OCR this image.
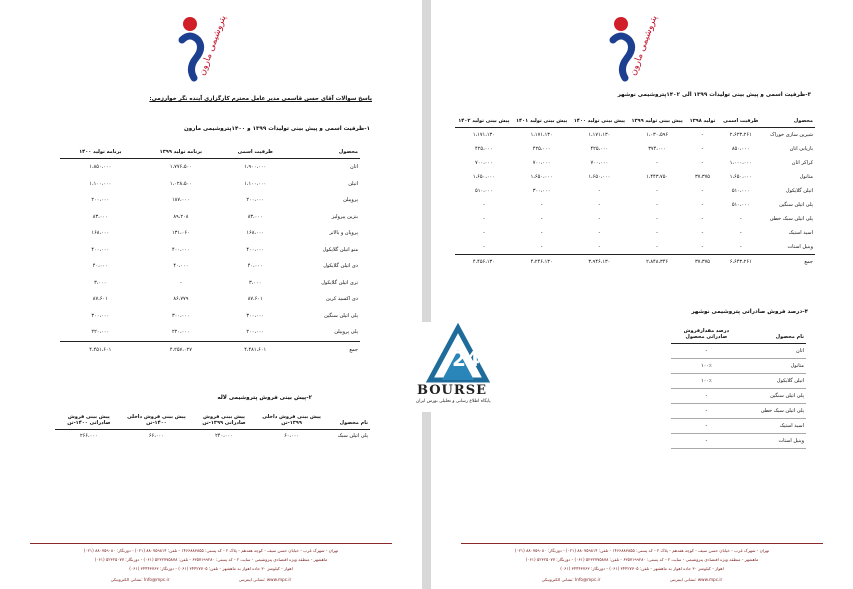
پتروشیمی مارون
پاسخ سوالات آقای حسن قاسمی مدیر عامل محترم کارگزاری آینده نگر خوارزمی:
۱-ظرفیت اسمی و پیش بینی تولیدات ۱۳۹۹ و ۱۴۰۰پتروشیمی مارون
محصول	ظرفیت اسمی	برنامه تولید ۱۳۹۹	برنامه تولید ۱۴۰۰
اتان	۱،۹۰۰،۰۰۰	۱،۷۷۶،۵۰۰	۱،۸۵۰،۰۰۰
اتیلن	۱،۱۰۰،۰۰۰	۱،۰۲۸،۵۰۰	۱،۱۰۰،۰۰۰
پروپیلن	۲۰۰،۰۰۰	۱۸۷،۰۰۰	۲۰۰،۰۰۰
بنزین پیرولیز	۸۳،۰۰۰	۸۹،۲۰۸	۸۳،۰۰۰
پروپان و بالاتر	۱۶۸،۰۰۰	۱۳۱،۰۶۰	۱۶۸،۰۰۰
منو اتیلن گلایکول	۴۰۰،۰۰۰	۴۰۰،۰۰۰	۴۰۰،۰۰۰
دی اتیلن گلایکول	۴۰،۰۰۰	۴۰،۰۰۰	۴۰،۰۰۰
تری اتیلن گلایکول	۳،۰۰۰	-	۳،۰۰۰
دی اکسید کربن	۸۷،۶۰۱	۸۶،۷۷۹	۸۷،۶۰۱
پلی اتیلن سنگین	۳۰۰،۰۰۰	۳۰۰،۰۰۰	۳۰۰،۰۰۰
پلی پروپیلن	۲۰۰،۰۰۰	۲۲۰،۰۰۰	۲۲۰،۰۰۰
جمع	۴،۴۸۱،۶۰۱	۴،۲۵۷،۰۲۷	۴،۴۵۱،۶۰۱
۲-پیش بینی فروش پتروشیمی لاله
نام محصول	پیش بینی فروش داخلی ۱۳۹۹-تن	پیش بینی فروش صادراتی ۱۳۹۹-تن	پیش بینی فروش داخلی ۱۴۰۰-تن	پیش بینی فروش صادراتی ۱۴۰۰-تن
پلی اتیلن سبک	۶۰،۰۰۰	۲۴۰،۰۰۰	۶۶،۰۰۰	۲۶۶،۰۰۰
تهران - شهرک غرب - خیابان حسن سیف - کوچه هفدهم - پلاک ۲ - کد پستی: ۱۴۶۶۸۸۳۸۵۵ - تلفن: ۸۸۰۷۵۹۸۱۴ (۰۲۱) - دورنگار: ۸۸۰۷۵۹۰۸۰ (۰۲۱)
ماهشهر - منطقه ویژه اقتصادی پتروشیمی - سایت ۲ - کد پستی: ۶۳۵۷۱۹۹۲۸۰ - تلفن: ۵۲۳۲۷۷۵۸۷۸ (۰۶۱) - دورنگار: ۵۲۳۲۵۰۷۷ (۰۶۱)
اهواز - کیلومتر ۳۰ جاده اهواز به ماهشهر - تلفن: ۳۴۴۲۷۷۰۵ (۰۶۱) - دورنگار: ۳۴۴۴۳۷۶۳ (۰۶۱)
www.mpc.ir :نشانی اینترنتی
Info@mpc.ir :نشانی الکترونیکی
پتروشیمی مارون
۳-ظرفیت اسمی و پیش بینی تولیدات ۱۳۹۹ الی ۱۴۰۲پتروشیمی نوشهر
محصول	ظرفیت اسمی	تولید ۱۳۹۸	پیش بینی تولید ۱۳۹۹	پیش بینی تولید ۱۴۰۰	پیش بینی تولید ۱۴۰۱	پیش بینی تولید ۱۴۰۲
شیرین سازی خوراک	۲،۶۲۳،۲۶۱	-	۱،۰۳۰،۵۹۶	۱،۱۷۱،۱۳۰	۱،۱۷۱،۱۳۰	۱،۱۷۱،۱۳۰
بازیابی اتان	۸۵۰،۰۰۰	-	۳۷۴،۰۰۰	۴۲۵،۰۰۰	۴۲۵،۰۰۰	۴۲۵،۰۰۰
کراکر اتان	۱،۰۰۰،۰۰۰	-	-	۷۰۰،۰۰۰	۷۰۰،۰۰۰	۷۰۰،۰۰۰
متانول	۱،۶۵۰،۰۰۰	۳۷،۳۷۵	۱،۴۴۳،۷۵۰	۱،۶۵۰،۰۰۰	۱،۶۵۰،۰۰۰	۱،۶۵۰،۰۰۰
اتیلن گلایکول	۵۱۰،۰۰۰	-	-	-	۳۰۰،۰۰۰	۵۱۰،۰۰۰
پلی اتیلن سنگین	۵۱۰،۰۰۰	-	-	-	-	-
پلی اتیلن سبک خطی	-	-	-	-	-	-
اسید استیک	-	-	-	-	-	-
وینیل استات	-	-	-	-	-	-
جمع	۶،۶۴۳،۲۶۱	۳۷،۳۷۵	۲،۸۴۸،۳۴۶	۳،۹۴۶،۱۳۰	۴،۲۴۶،۱۳۰	۴،۴۵۶،۱۳۰
۴-درصد فروش صادراتی پتروشیمی نوشهر
نام محصول	درصد مقدارفروش صادراتی محصول
اتان	-
متانول	۱۰۰٪
اتیلن گلایکول	۱۰۰٪
پلی اتیلن سنگین	-
پلی اتیلن سبک خطی	-
اسید استیک	-
وینیل استات	-
تهران - شهرک غرب - خیابان حسن سیف - کوچه هفدهم - پلاک ۲ - کد پستی: ۱۴۶۶۸۸۳۸۵۵ - تلفن: ۸۸۰۷۵۹۸۱۴ (۰۲۱) - دورنگار: ۸۸۰۷۵۹۰۸۰ (۰۲۱)
ماهشهر - منطقه ویژه اقتصادی پتروشیمی - سایت ۲ - کد پستی: ۶۳۵۷۱۹۹۲۸۰ - تلفن: ۵۲۳۲۷۷۵۸۷۸ (۰۶۱) - دورنگار: ۵۲۳۲۵۰۷۷ (۰۶۱)
اهواز - کیلومتر ۳۰ جاده اهواز به ماهشهر - تلفن: ۳۴۴۲۷۷۰۵ (۰۶۱) - دورنگار: ۳۴۴۴۳۷۶۳ (۰۶۱)
www.mpc.ir :نشانی اینترنتی
Info@mpc.ir :نشانی الکترونیکی
24
BOURSE
پایگاه اطلاع رسانی و تحلیلی بورس ایران
